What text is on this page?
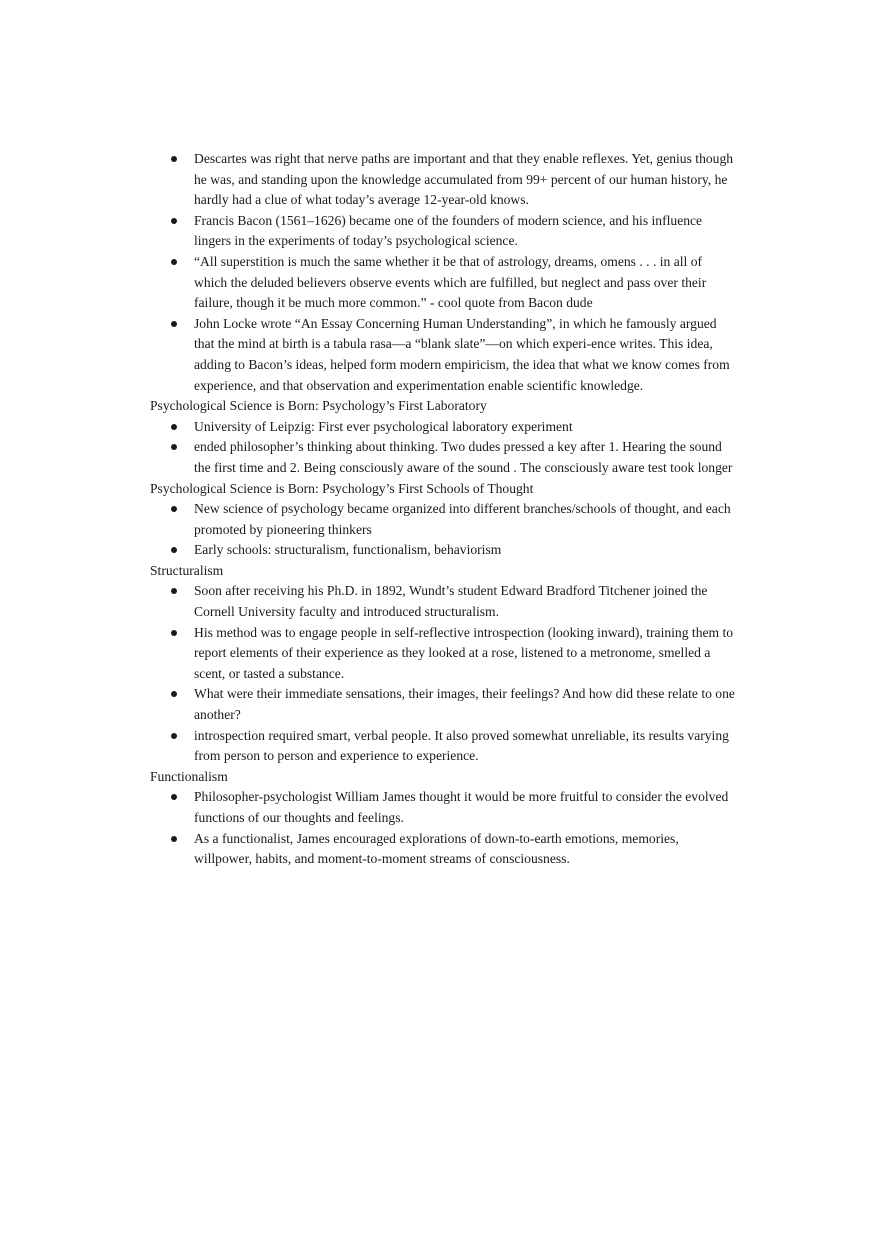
Descartes was right that nerve paths are important and that they enable reflexes. Yet, genius though he was, and standing upon the knowledge accumulated from 99+ percent of our human history, he hardly had a clue of what today’s average 12-year-old knows.
Francis Bacon (1561–1626) became one of the founders of modern science, and his influence lingers in the experiments of today’s psychological science.
“All superstition is much the same whether it be that of astrology, dreams, omens . . . in all of which the deluded believers observe events which are fulfilled, but neglect and pass over their failure, though it be much more common.” - cool quote from Bacon dude
John Locke wrote “An Essay Concerning Human Understanding”, in which he famously argued that the mind at birth is a tabula rasa—a “blank slate”—on which experi-ence writes. This idea, adding to Bacon’s ideas, helped form modern empiricism, the idea that what we know comes from experience, and that observation and experimentation enable scientific knowledge.
Psychological Science is Born: Psychology’s First Laboratory
University of Leipzig: First ever psychological laboratory experiment
ended philosopher’s thinking about thinking. Two dudes pressed a key after 1. Hearing the sound the first time and 2. Being consciously aware of the sound . The consciously aware test took longer
Psychological Science is Born: Psychology’s First Schools of Thought
New science of psychology became organized into different branches/schools of thought, and each promoted by pioneering thinkers
Early schools: structuralism, functionalism, behaviorism
Structuralism
Soon after receiving his Ph.D. in 1892, Wundt’s student Edward Bradford Titchener joined the Cornell University faculty and introduced structuralism.
His method was to engage people in self-reflective introspection (looking inward), training them to report elements of their experience as they looked at a rose, listened to a metronome, smelled a scent, or tasted a substance.
What were their immediate sensations, their images, their feelings? And how did these relate to one another?
introspection required smart, verbal people. It also proved somewhat unreliable, its results varying from person to person and experience to experience.
Functionalism
Philosopher-psychologist William James thought it would be more fruitful to consider the evolved functions of our thoughts and feelings.
As a functionalist, James encouraged explorations of down-to-earth emotions, memories, willpower, habits, and moment-to-moment streams of consciousness.
